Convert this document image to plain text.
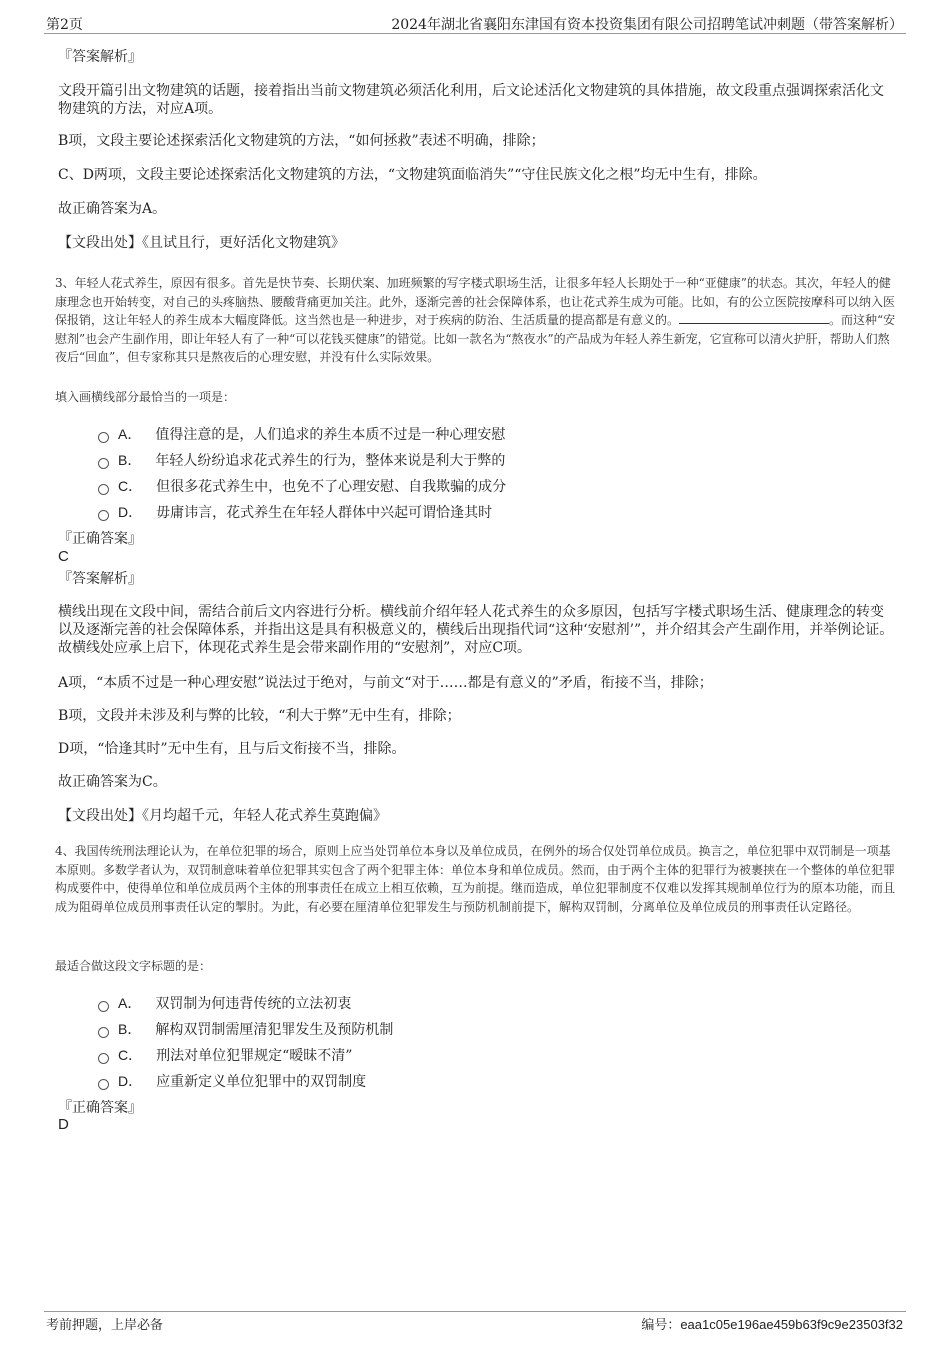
第2页	2024年湖北省襄阳东津国有资本投资集团有限公司招聘笔试冲刺题（带答案解析）
『答案解析』
文段开篇引出文物建筑的话题，接着指出当前文物建筑必须活化利用，后文论述活化文物建筑的具体措施，故文段重点强调探索活化文物建筑的方法，对应A项。
B项，文段主要论述探索活化文物建筑的方法，“如何拯救”表述不明确，排除；
C、D两项，文段主要论述探索活化文物建筑的方法，“文物建筑面临消失”“守住民族文化之根”均无中生有，排除。
故正确答案为A。
【文段出处】《且试且行，更好活化文物建筑》
3、年轻人花式养生，原因有很多。首先是快节奏、长期伏案、加班频繁的写字楼式职场生活，让很多年轻人长期处于一种“亚健康”的状态。其次，年轻人的健康理念也开始转变，对自己的头疼脑热、腰酸背痛更加关注。此外，逐渐完善的社会保障体系，也让花式养生成为可能。比如，有的公立医院按摩科可以纳入医保报销，这让年轻人的养生成本大幅度降低。这当然也是一种进步，对于疾病的防治、生活质量的提高都是有意义的。	。而这种“安慰剂”也会产生副作用，即让年轻人有了一种“可以花钱买健康”的错觉。比如一款名为“熬夜水”的产品成为年轻人养生新宠，它宣称可以清火护肝，帮助人们熬夜后“回血”，但专家称其只是熬夜后的心理安慰，并没有什么实际效果。
填入画横线部分最恰当的一项是：
A． 值得注意的是，人们追求的养生本质不过是一种心理安慰
B． 年轻人纷纷追求花式养生的行为，整体来说是利大于弊的
C． 但很多花式养生中，也免不了心理安慰、自我欺骗的成分
D． 毋庸讳言，花式养生在年轻人群体中兴起可谓恰逢其时
『正确答案』
C
『答案解析』
横线出现在文段中间，需结合前后文内容进行分析。横线前介绍年轻人花式养生的众多原因，包括写字楼式职场生活、健康理念的转变以及逐渐完善的社会保障体系，并指出这是具有积极意义的，横线后出现指代词“这种‘安慰剂’”，并介绍其会产生副作用，并举例论证。故横线处应承上启下，体现花式养生是会带来副作用的“安慰剂”，对应C项。
A项，“本质不过是一种心理安慰”说法过于绝对，与前文“对于……都是有意义的”矛盾，衔接不当，排除；
B项，文段并未涉及利与弊的比较，“利大于弊”无中生有，排除；
D项，“恰逢其时”无中生有，且与后文衔接不当，排除。
故正确答案为C。
【文段出处】《月均超千元，年轻人花式养生莫跑偏》
4、我国传统刑法理论认为，在单位犯罪的场合，原则上应当处罚单位本身以及单位成员，在例外的场合仅处罚单位成员。换言之，单位犯罪中双罚制是一项基本原则。多数学者认为，双罚制意味着单位犯罪其实包含了两个犯罪主体：单位本身和单位成员。然而，由于两个主体的犯罪行为被裹挟在一个整体的单位犯罪构成要件中，使得单位和单位成员两个主体的刑事责任在成立上相互依赖，互为前提。继而造成，单位犯罪制度不仅难以发挥其规制单位行为的原本功能，而且成为阻碍单位成员刑事责任认定的掣肘。为此，有必要在厘清单位犯罪发生与预防机制前提下，解构双罚制，分离单位及单位成员的刑事责任认定路径。
最适合做这段文字标题的是：
A． 双罚制为何违背传统的立法初衷
B． 解构双罚制需厘清犯罪发生及预防机制
C． 刑法对单位犯罪规定“暧昧不清”
D． 应重新定义单位犯罪中的双罚制度
『正确答案』
D
考前押题，上岸必备	编号：eaa1c05e196ae459b63f9c9e23503f32
